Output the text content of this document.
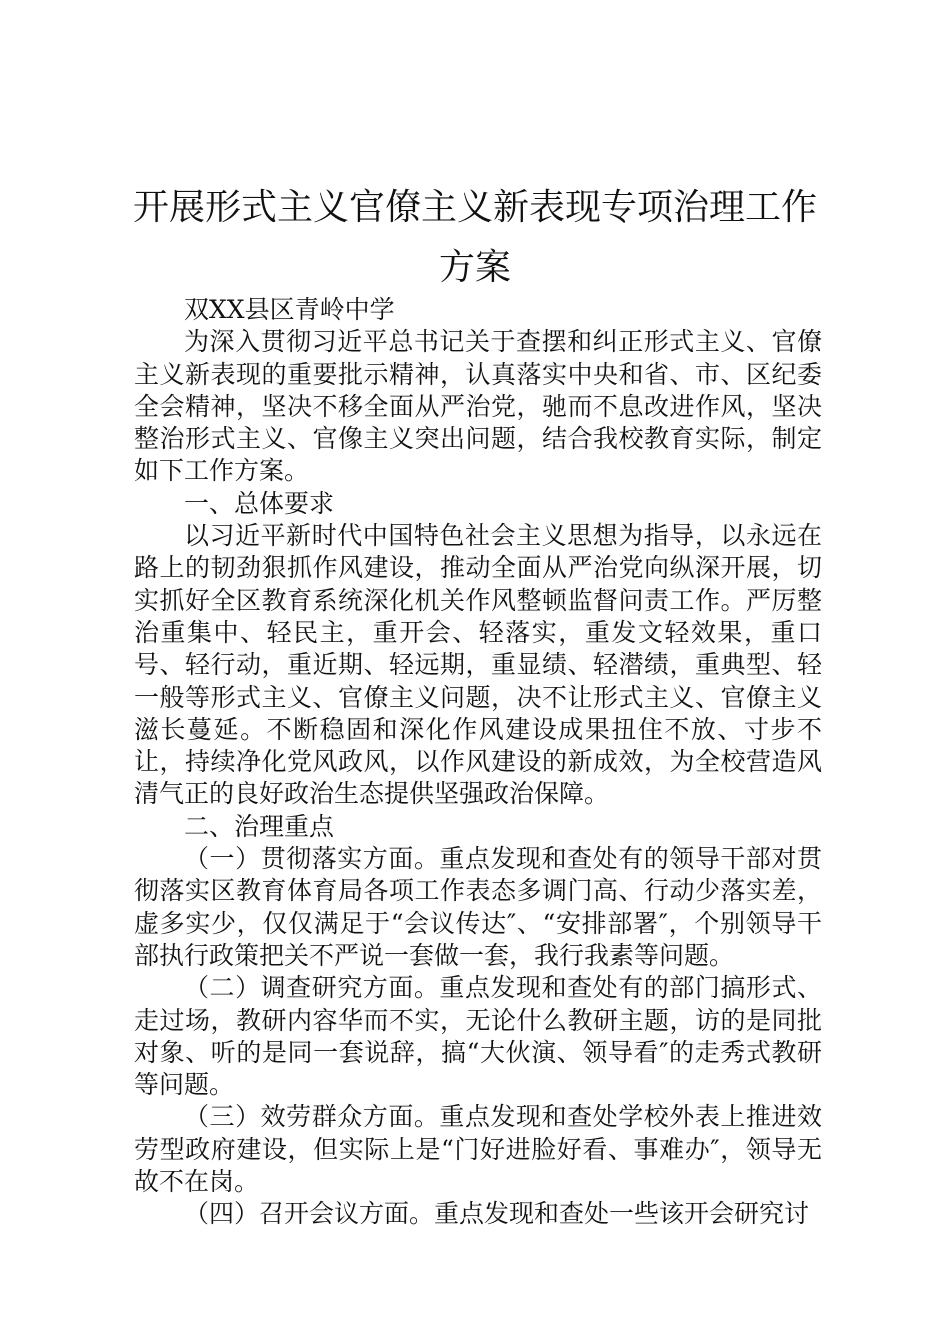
开展形式主义官僚主义新表现专项治理工作方案

双XX县区青岭中学

为深入贯彻习近平总书记关于查摆和纠正形式主义、官僚主义新表现的重要批示精神，认真落实中央和省、市、区纪委全会精神，坚决不移全面从严治党，驰而不息改进作风，坚决整治形式主义、官像主义突出问题，结合我校教育实际，制定如下工作方案。

一、总体要求

以习近平新时代中国特色社会主义思想为指导，以永远在路上的韧劲狠抓作风建设，推动全面从严治党向纵深开展，切实抓好全区教育系统深化机关作风整顿监督问责工作。严厉整治重集中、轻民主，重开会、轻落实，重发文轻效果，重口号、轻行动，重近期、轻远期，重显绩、轻潜绩，重典型、轻一般等形式主义、官僚主义问题，决不让形式主义、官僚主义滋长蔓延。不断稳固和深化作风建设成果扭住不放、寸步不让，持续净化党风政风，以作风建设的新成效，为全校营造风清气正的良好政治生态提供坚强政治保障。

二、治理重点

（一）贯彻落实方面。重点发现和查处有的领导干部对贯彻落实区教育体育局各项工作表态多调门高、行动少落实差，虚多实少，仅仅满足于“会议传达″、“安排部署″，个别领导干部执行政策把关不严说一套做一套，我行我素等问题。

（二）调查研究方面。重点发现和查处有的部门搞形式、走过场，教研内容华而不实，无论什么教研主题，访的是同批对象、听的是同一套说辞，搞“大伙演、领导看″的走秀式教研等问题。

（三）效劳群众方面。重点发现和查处学校外表上推进效劳型政府建设，但实际上是“门好进脸好看、事难办″，领导无故不在岗。

（四）召开会议方面。重点发现和查处一些该开会研究讨
